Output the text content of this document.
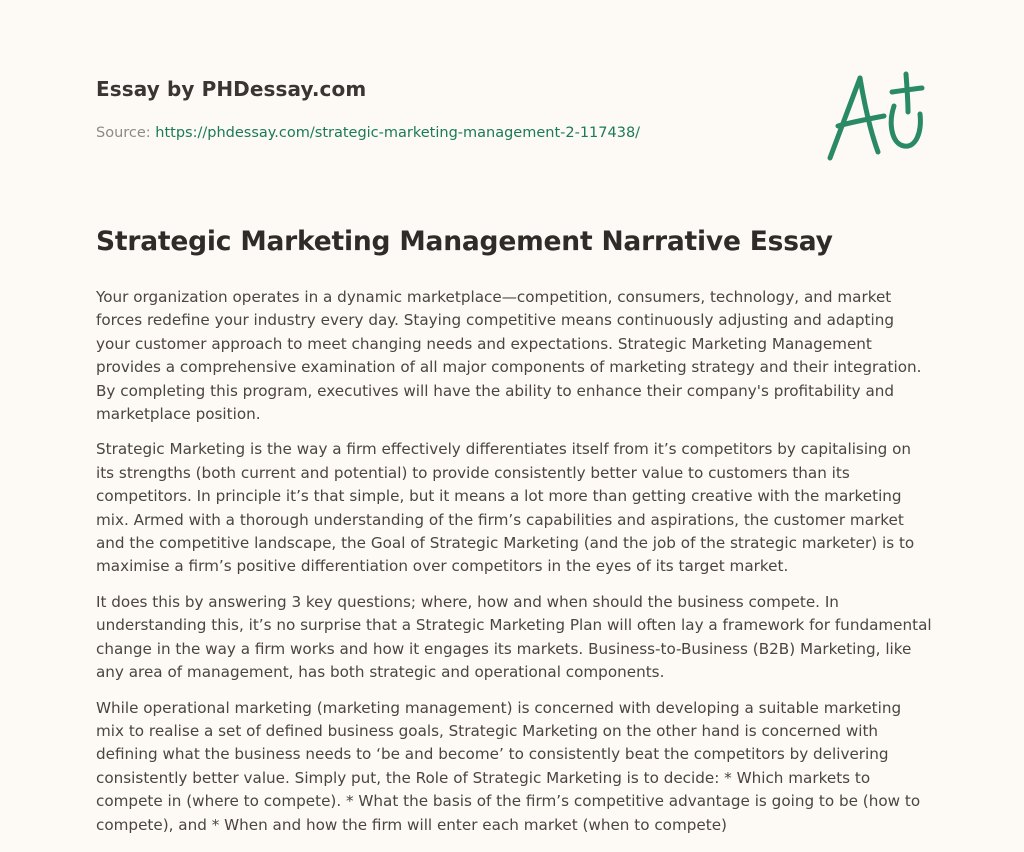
Essay by PHDessay.com
Source: https://phdessay.com/strategic-marketing-management-2-117438/
Strategic Marketing Management Narrative Essay

Your organization operates in a dynamic marketplace—competition, consumers, technology, and market forces redefine your industry every day. Staying competitive means continuously adjusting and adapting your customer approach to meet changing needs and expectations. Strategic Marketing Management provides a comprehensive examination of all major components of marketing strategy and their integration. By completing this program, executives will have the ability to enhance their company's profitability and marketplace position.

Strategic Marketing is the way a firm effectively differentiates itself from it’s competitors by capitalising on its strengths (both current and potential) to provide consistently better value to customers than its competitors. In principle it’s that simple, but it means a lot more than getting creative with the marketing mix. Armed with a thorough understanding of the firm’s capabilities and aspirations, the customer market and the competitive landscape, the Goal of Strategic Marketing (and the job of the strategic marketer) is to maximise a firm’s positive differentiation over competitors in the eyes of its target market.

It does this by answering 3 key questions; where, how and when should the business compete. In understanding this, it’s no surprise that a Strategic Marketing Plan will often lay a framework for fundamental change in the way a firm works and how it engages its markets. Business-to-Business (B2B) Marketing, like any area of management, has both strategic and operational components.

While operational marketing (marketing management) is concerned with developing a suitable marketing mix to realise a set of defined business goals, Strategic Marketing on the other hand is concerned with defining what the business needs to ‘be and become’ to consistently beat the competitors by delivering consistently better value. Simply put, the Role of Strategic Marketing is to decide: * Which markets to compete in (where to compete). * What the basis of the firm’s competitive advantage is going to be (how to compete), and * When and how the firm will enter each market (when to compete)
